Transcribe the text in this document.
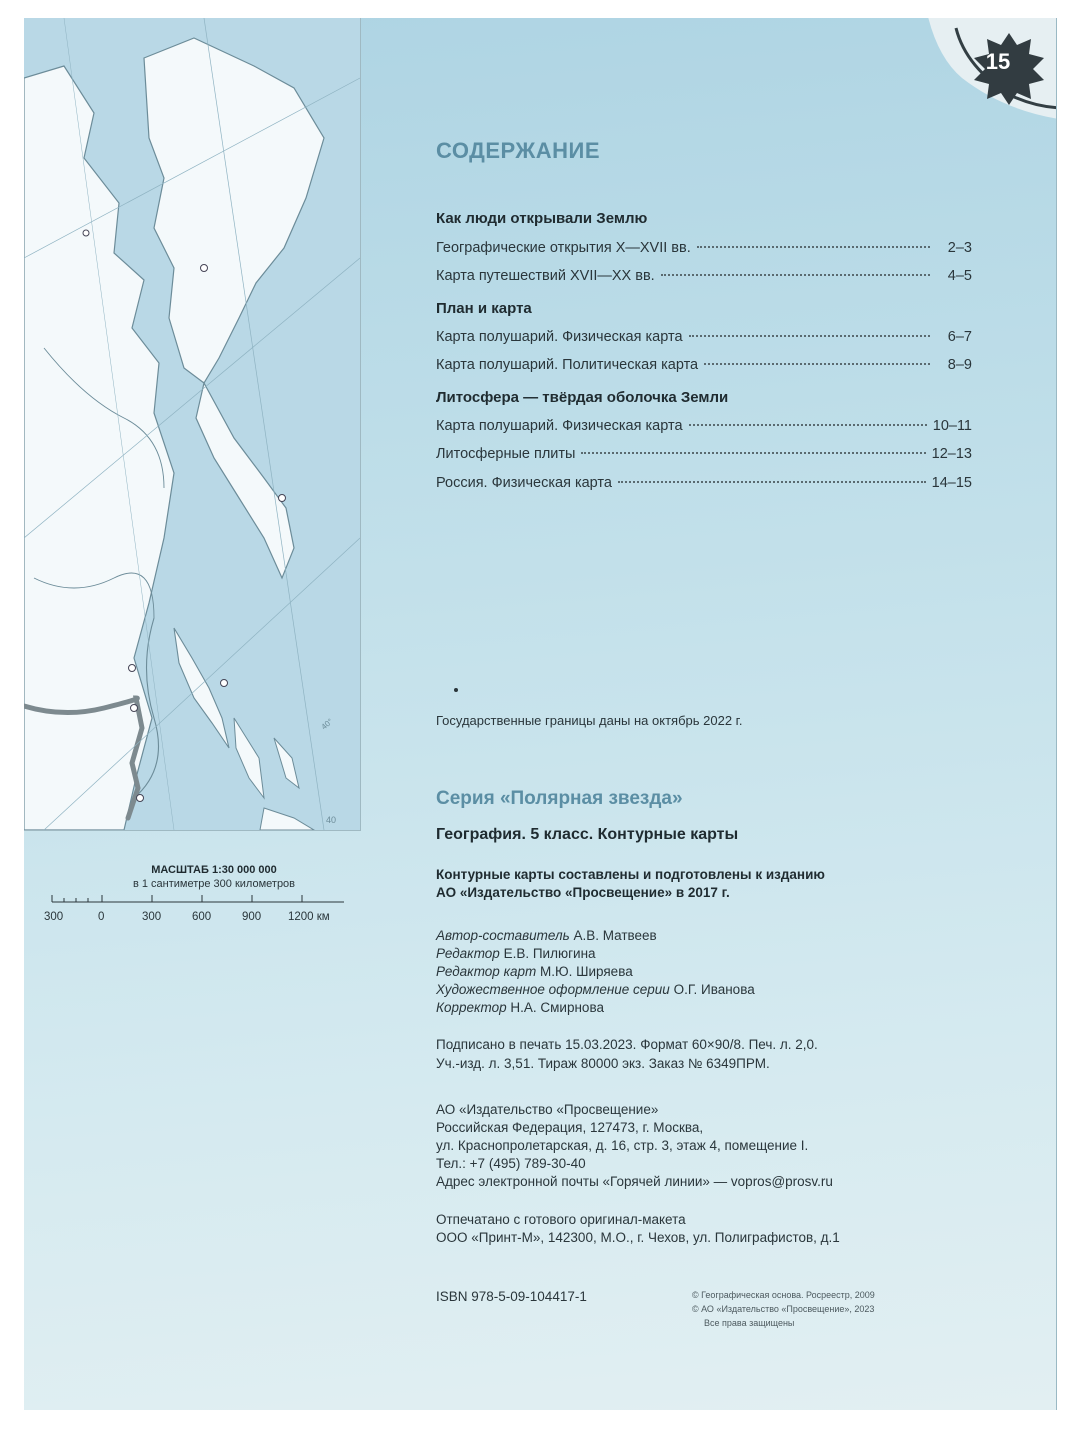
40
40°
15
СОДЕРЖАНИЕ
Как люди открывали Землю
Географические открытия X—XVII вв.	2–3
Карта путешествий XVII—XX вв.	4–5
План и карта
Карта полушарий. Физическая карта	6–7
Карта полушарий. Политическая карта	8–9
Литосфера — твёрдая оболочка Земли
Карта полушарий. Физическая карта	10–11
Литосферные плиты	12–13
Россия. Физическая карта	14–15
Государственные границы даны на октябрь 2022 г.
Серия «Полярная звезда»
География. 5 класс. Контурные карты
Контурные карты составлены и подготовлены к изданию
АО «Издательство «Просвещение» в 2017 г.
Автор-составитель А.В. Матвеев
Редактор Е.В. Пилюгина
Редактор карт М.Ю. Ширяева
Художественное оформление серии О.Г. Иванова
Корректор Н.А. Смирнова
Подписано в печать 15.03.2023. Формат 60×90/8. Печ. л. 2,0.
Уч.-изд. л. 3,51. Тираж 80000 экз. Заказ № 6349ПРМ.
АО «Издательство «Просвещение»
Российская Федерация, 127473, г. Москва,
ул. Краснопролетарская, д. 16, стр. 3, этаж 4, помещение I.
Тел.: +7 (495) 789-30-40
Адрес электронной почты «Горячей линии» — vopros@prosv.ru
Отпечатано с готового оригинал-макета
ООО «Принт-М», 142300, М.О., г. Чехов, ул. Полиграфистов, д.1
ISBN 978-5-09-104417-1	© Географическая основа. Росреестр, 2009
© АО «Издательство «Просвещение», 2023
Все права защищены
МАСШТАБ 1:30 000 000
в 1 сантиметре 300 километров
300	0	300	600	900 1200 км
